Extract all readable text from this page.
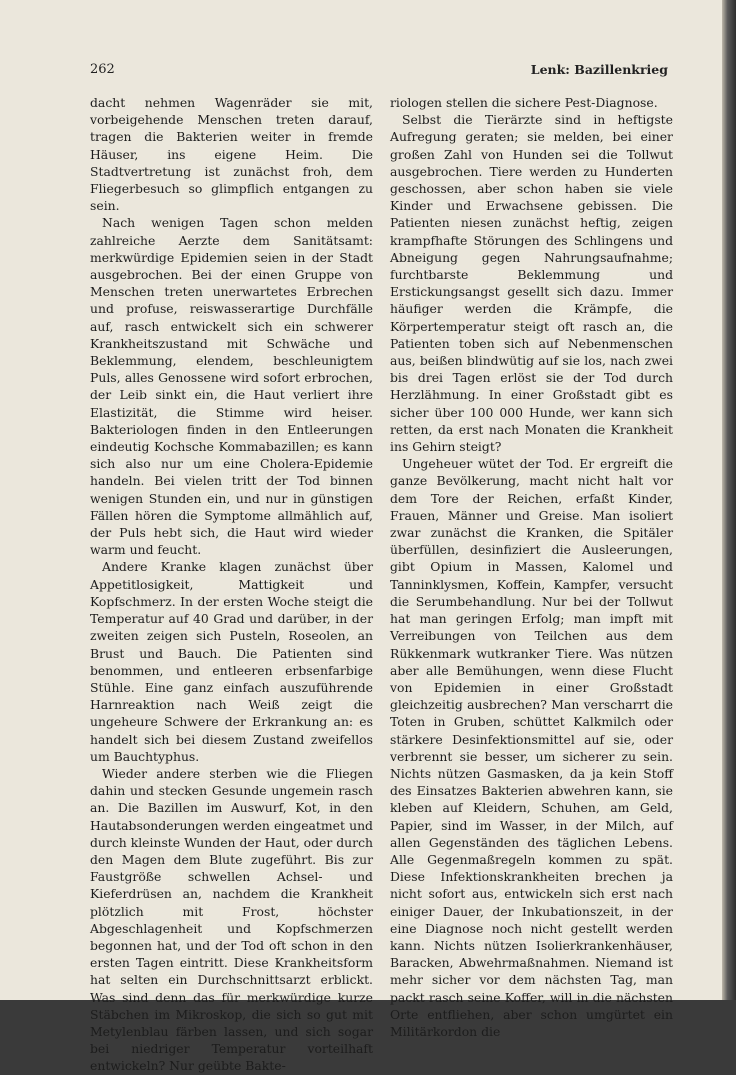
262	Lenk: Bazillenkrieg

dacht nehmen Wagenräder sie mit, vorbeigehende Menschen treten darauf, tragen die Bakterien weiter in fremde Häuser, ins eigene Heim. Die Stadtvertretung ist zunächst froh, dem Fliegerbesuch so glimpflich entgangen zu sein.

Nach wenigen Tagen schon melden zahlreiche Aerzte dem Sanitätsamt: merkwürdige Epidemien seien in der Stadt ausgebrochen. Bei der einen Gruppe von Menschen treten unerwartetes Erbrechen und profuse, reiswasserartige Durchfälle auf, rasch entwickelt sich ein schwerer Krankheitszustand mit Schwäche und Beklemmung, elendem, beschleunigtem Puls, alles Genossene wird sofort erbrochen, der Leib sinkt ein, die Haut verliert ihre Elastizität, die Stimme wird heiser. Bakteriologen finden in den Entleerungen eindeutig Kochsche Kommabazillen; es kann sich also nur um eine Cholera-Epidemie handeln. Bei vielen tritt der Tod binnen wenigen Stunden ein, und nur in günstigen Fällen hören die Symptome allmählich auf, der Puls hebt sich, die Haut wird wieder warm und feucht.

Andere Kranke klagen zunächst über Appetitlosigkeit, Mattigkeit und Kopfschmerz. In der ersten Woche steigt die Temperatur auf 40 Grad und darüber, in der zweiten zeigen sich Pusteln, Roseolen, an Brust und Bauch. Die Patienten sind benommen, und entleeren erbsenfarbige Stühle. Eine ganz einfach auszuführende Harnreaktion nach Weiß zeigt die ungeheure Schwere der Erkrankung an: es handelt sich bei diesem Zustand zweifellos um Bauchtyphus.

Wieder andere sterben wie die Fliegen dahin und stecken Gesunde ungemein rasch an. Die Bazillen im Auswurf, Kot, in den Hautabsonderungen werden eingeatmet und durch kleinste Wunden der Haut, oder durch den Magen dem Blute zugeführt. Bis zur Faustgröße schwellen Achsel- und Kieferdrüsen an, nachdem die Krankheit plötzlich mit Frost, höchster Abgeschlagenheit und Kopfschmerzen begonnen hat, und der Tod oft schon in den ersten Tagen eintritt. Diese Krankheitsform hat selten ein Durchschnittsarzt erblickt. Was sind denn das für merkwürdige kurze Stäbchen im Mikroskop, die sich so gut mit Metylenblau färben lassen, und sich sogar bei niedriger Temperatur vorteilhaft entwickeln? Nur geübte Bakte-

riologen stellen die sichere Pest-Diagnose.

Selbst die Tierärzte sind in heftigste Aufregung geraten; sie melden, bei einer großen Zahl von Hunden sei die Tollwut ausgebrochen. Tiere werden zu Hunderten geschossen, aber schon haben sie viele Kinder und Erwachsene gebissen. Die Patienten niesen zunächst heftig, zeigen krampfhafte Störungen des Schlingens und Abneigung gegen Nahrungsaufnahme; furchtbarste Beklemmung und Erstickungsangst gesellt sich dazu. Immer häufiger werden die Krämpfe, die Körpertemperatur steigt oft rasch an, die Patienten toben sich auf Nebenmenschen aus, beißen blindwütig auf sie los, nach zwei bis drei Tagen erlöst sie der Tod durch Herzlähmung. In einer Großstadt gibt es sicher über 100 000 Hunde, wer kann sich retten, da erst nach Monaten die Krankheit ins Gehirn steigt?

Ungeheuer wütet der Tod. Er ergreift die ganze Bevölkerung, macht nicht halt vor dem Tore der Reichen, erfaßt Kinder, Frauen, Männer und Greise. Man isoliert zwar zunächst die Kranken, die Spitäler überfüllen, desinfiziert die Ausleerungen, gibt Opium in Massen, Kalomel und Tanninklysmen, Koffein, Kampfer, versucht die Serumbehandlung. Nur bei der Tollwut hat man geringen Erfolg; man impft mit Verreibungen von Teilchen aus dem Rükkenmark wutkranker Tiere. Was nützen aber alle Bemühungen, wenn diese Flucht von Epidemien in einer Großstadt gleichzeitig ausbrechen? Man verscharrt die Toten in Gruben, schüttet Kalkmilch oder stärkere Desinfektionsmittel auf sie, oder verbrennt sie besser, um sicherer zu sein. Nichts nützen Gasmasken, da ja kein Stoff des Einsatzes Bakterien abwehren kann, sie kleben auf Kleidern, Schuhen, am Geld, Papier, sind im Wasser, in der Milch, auf allen Gegenständen des täglichen Lebens. Alle Gegenmaßregeln kommen zu spät. Diese Infektionskrankheiten brechen ja nicht sofort aus, entwickeln sich erst nach einiger Dauer, der Inkubationszeit, in der eine Diagnose noch nicht gestellt werden kann. Nichts nützen Isolierkrankenhäuser, Baracken, Abwehrmaßnahmen. Niemand ist mehr sicher vor dem nächsten Tag, man packt rasch seine Koffer, will in die nächsten Orte entfliehen, aber schon umgürtet ein Militärkordon die
